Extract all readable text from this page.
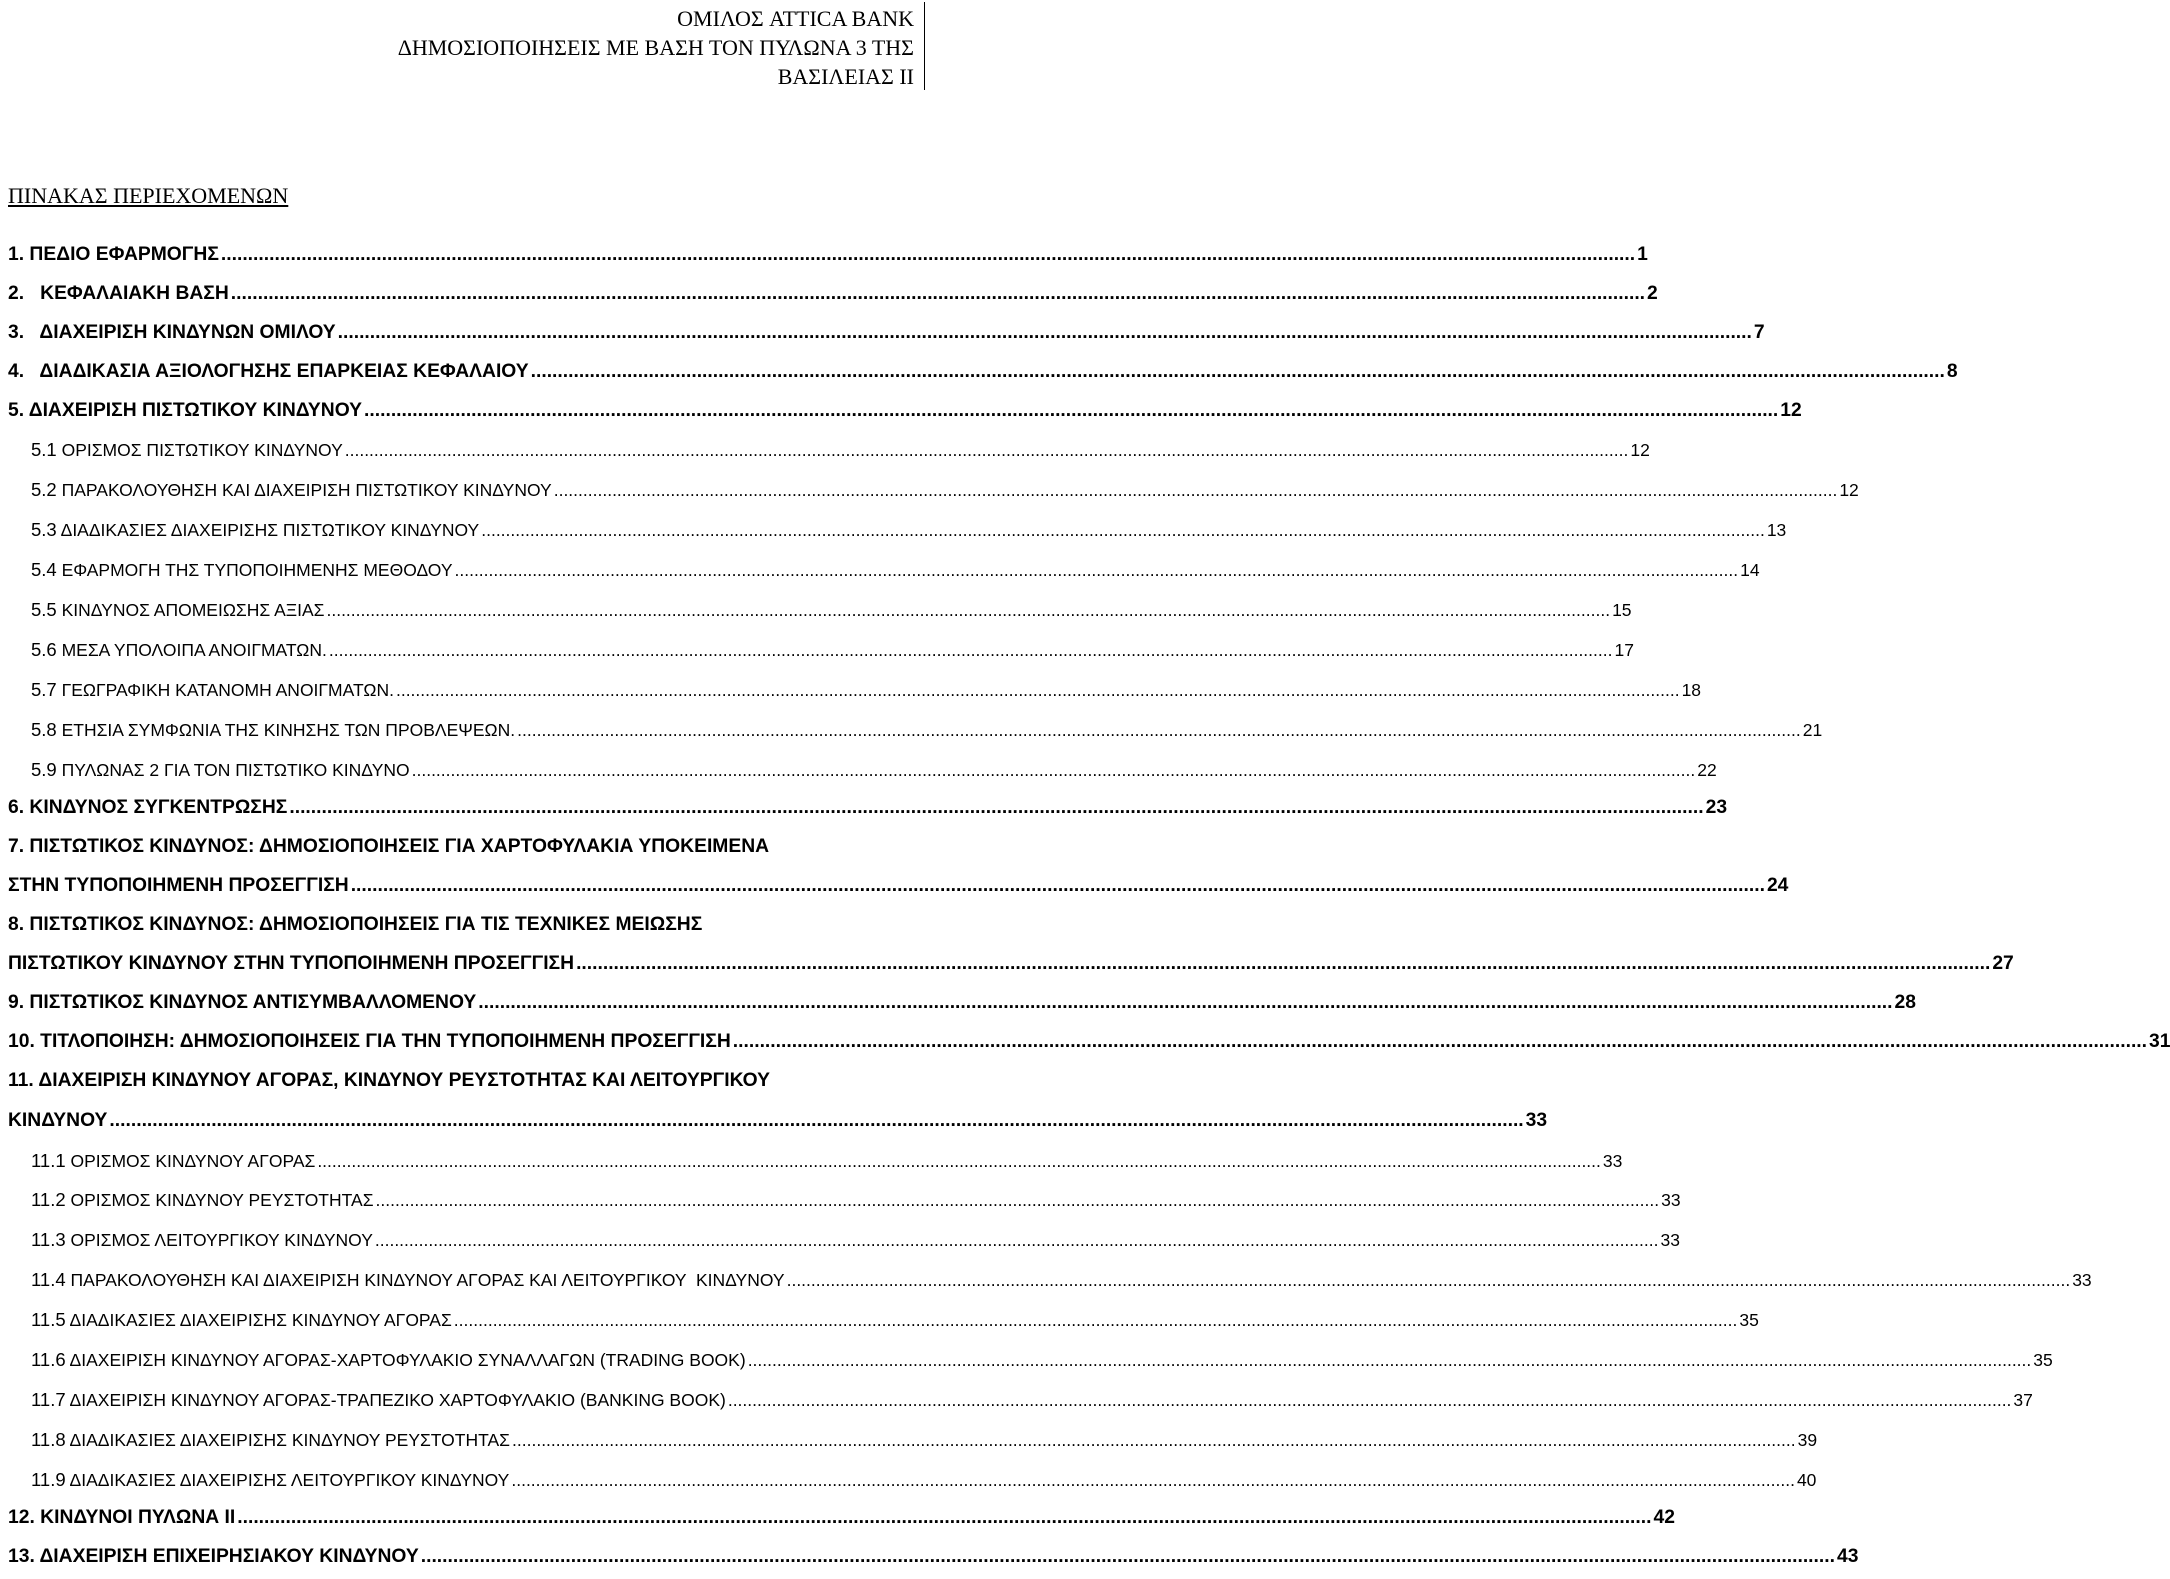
ΟΜΙΛΟΣ ATTICA BANK
ΔΗΜΟΣΙΟΠΟΙΗΣΕΙΣ ΜΕ ΒΑΣΗ ΤΟΝ ΠΥΛΩΝΑ 3 ΤΗΣ
ΒΑΣΙΛΕΙΑΣ ΙΙ
ΠΙΝΑΚΑΣ ΠΕΡΙΕΧΟΜΕΝΩΝ
1. ΠΕΔΙΟ ΕΦΑΡΜΟΓΗΣ .....	1
2.   ΚΕΦΑΛΑΙΑΚΗ ΒΑΣΗ .....	2
3.   ΔΙΑΧΕΙΡΙΣΗ ΚΙΝΔΥΝΩΝ ΟΜΙΛΟΥ .....	7
4.   ΔΙΑΔΙΚΑΣΙΑ ΑΞΙΟΛΟΓΗΣΗΣ ΕΠΑΡΚΕΙΑΣ ΚΕΦΑΛΑΙΟΥ .....	8
5. ΔΙΑΧΕΙΡΙΣΗ ΠΙΣΤΩΤΙΚΟΥ ΚΙΝΔΥΝΟΥ .....	12
5.1 ΟΡΙΣΜΟΣ ΠΙΣΤΩΤΙΚΟΥ ΚΙΝΔΥΝΟΥ .....	12
5.2 ΠΑΡΑΚΟΛΟΥΘΗΣΗ ΚΑΙ ΔΙΑΧΕΙΡΙΣΗ ΠΙΣΤΩΤΙΚΟΥ ΚΙΝΔΥΝΟΥ .....	12
5.3 ΔΙΑΔΙΚΑΣΙΕΣ ΔΙΑΧΕΙΡΙΣΗΣ ΠΙΣΤΩΤΙΚΟΥ ΚΙΝΔΥΝΟΥ .....	13
5.4 ΕΦΑΡΜΟΓΗ ΤΗΣ ΤΥΠΟΠΟΙΗΜΕΝΗΣ ΜΕΘΟΔΟΥ .....	14
5.5 ΚΙΝΔΥΝΟΣ ΑΠΟΜΕΙΩΣΗΣ ΑΞΙΑΣ .....	15
5.6 ΜΕΣΑ ΥΠΟΛΟΙΠΑ ΑΝΟΙΓΜΑΤΩΝ. .....	17
5.7 ΓΕΩΓΡΑΦΙΚΗ ΚΑΤΑΝΟΜΗ ΑΝΟΙΓΜΑΤΩΝ. .....	18
5.8 ΕΤΗΣΙΑ ΣΥΜΦΩΝΙΑ ΤΗΣ ΚΙΝΗΣΗΣ ΤΩΝ ΠΡΟΒΛΕΨΕΩΝ. .....	21
5.9 ΠΥΛΩΝΑΣ 2 ΓΙΑ ΤΟΝ ΠΙΣΤΩΤΙΚΟ ΚΙΝΔΥΝΟ .....	22
6. ΚΙΝΔΥΝΟΣ ΣΥΓΚΕΝΤΡΩΣΗΣ .....	23
7. ΠΙΣΤΩΤΙΚΟΣ ΚΙΝΔΥΝΟΣ: ΔΗΜΟΣΙΟΠΟΙΗΣΕΙΣ ΓΙΑ ΧΑΡΤΟΦΥΛΑΚΙΑ ΥΠΟΚΕΙΜΕΝΑ
ΣΤΗΝ ΤΥΠΟΠΟΙΗΜΕΝΗ ΠΡΟΣΕΓΓΙΣΗ .....	24
8. ΠΙΣΤΩΤΙΚΟΣ ΚΙΝΔΥΝΟΣ: ΔΗΜΟΣΙΟΠΟΙΗΣΕΙΣ ΓΙΑ ΤΙΣ ΤΕΧΝΙΚΕΣ ΜΕΙΩΣΗΣ
ΠΙΣΤΩΤΙΚΟΥ ΚΙΝΔΥΝΟΥ ΣΤΗΝ ΤΥΠΟΠΟΙΗΜΕΝΗ ΠΡΟΣΕΓΓΙΣΗ .....	27
9. ΠΙΣΤΩΤΙΚΟΣ ΚΙΝΔΥΝΟΣ ΑΝΤΙΣΥΜΒΑΛΛΟΜΕΝΟΥ .....	28
10. ΤΙΤΛΟΠΟΙΗΣΗ: ΔΗΜΟΣΙΟΠΟΙΗΣΕΙΣ ΓΙΑ ΤΗΝ ΤΥΠΟΠΟΙΗΜΕΝΗ ΠΡΟΣΕΓΓΙΣΗ .....	31
11. ΔΙΑΧΕΙΡΙΣΗ ΚΙΝΔΥΝΟΥ ΑΓΟΡΑΣ, ΚΙΝΔΥΝΟΥ ΡΕΥΣΤΟΤΗΤΑΣ ΚΑΙ ΛΕΙΤΟΥΡΓΙΚΟΥ
ΚΙΝΔΥΝΟΥ .....	33
11.1 ΟΡΙΣΜΟΣ ΚΙΝΔΥΝΟΥ ΑΓΟΡΑΣ .....	33
11.2 ΟΡΙΣΜΟΣ ΚΙΝΔΥΝΟΥ ΡΕΥΣΤΟΤΗΤΑΣ .....	33
11.3 ΟΡΙΣΜΟΣ ΛΕΙΤΟΥΡΓΙΚΟΥ ΚΙΝΔΥΝΟΥ .....	33
11.4 ΠΑΡΑΚΟΛΟΥΘΗΣΗ ΚΑΙ ΔΙΑΧΕΙΡΙΣΗ ΚΙΝΔΥΝΟΥ ΑΓΟΡΑΣ ΚΑΙ ΛΕΙΤΟΥΡΓΙΚΟΥ  ΚΙΝΔΥΝΟΥ .....	33
11.5 ΔΙΑΔΙΚΑΣΙΕΣ ΔΙΑΧΕΙΡΙΣΗΣ ΚΙΝΔΥΝΟΥ ΑΓΟΡΑΣ .....	35
11.6 ΔΙΑΧΕΙΡΙΣΗ ΚΙΝΔΥΝΟΥ ΑΓΟΡΑΣ-ΧΑΡΤΟΦΥΛΑΚΙΟ ΣΥΝΑΛΛΑΓΩΝ (TRADING BOOK) .....	35
11.7 ΔΙΑΧΕΙΡΙΣΗ ΚΙΝΔΥΝΟΥ ΑΓΟΡΑΣ-ΤΡΑΠΕΖΙΚΟ ΧΑΡΤΟΦΥΛΑΚΙΟ (BANKING BOOK) .....	37
11.8 ΔΙΑΔΙΚΑΣΙΕΣ ΔΙΑΧΕΙΡΙΣΗΣ ΚΙΝΔΥΝΟΥ ΡΕΥΣΤΟΤΗΤΑΣ .....	39
11.9 ΔΙΑΔΙΚΑΣΙΕΣ ΔΙΑΧΕΙΡΙΣΗΣ ΛΕΙΤΟΥΡΓΙΚΟΥ ΚΙΝΔΥΝΟΥ .....	40
12. ΚΙΝΔΥΝΟΙ ΠΥΛΩΝΑ ΙΙ .....	42
13. ΔΙΑΧΕΙΡΙΣΗ ΕΠΙΧΕΙΡΗΣΙΑΚΟΥ ΚΙΝΔΥΝΟΥ .....	43
